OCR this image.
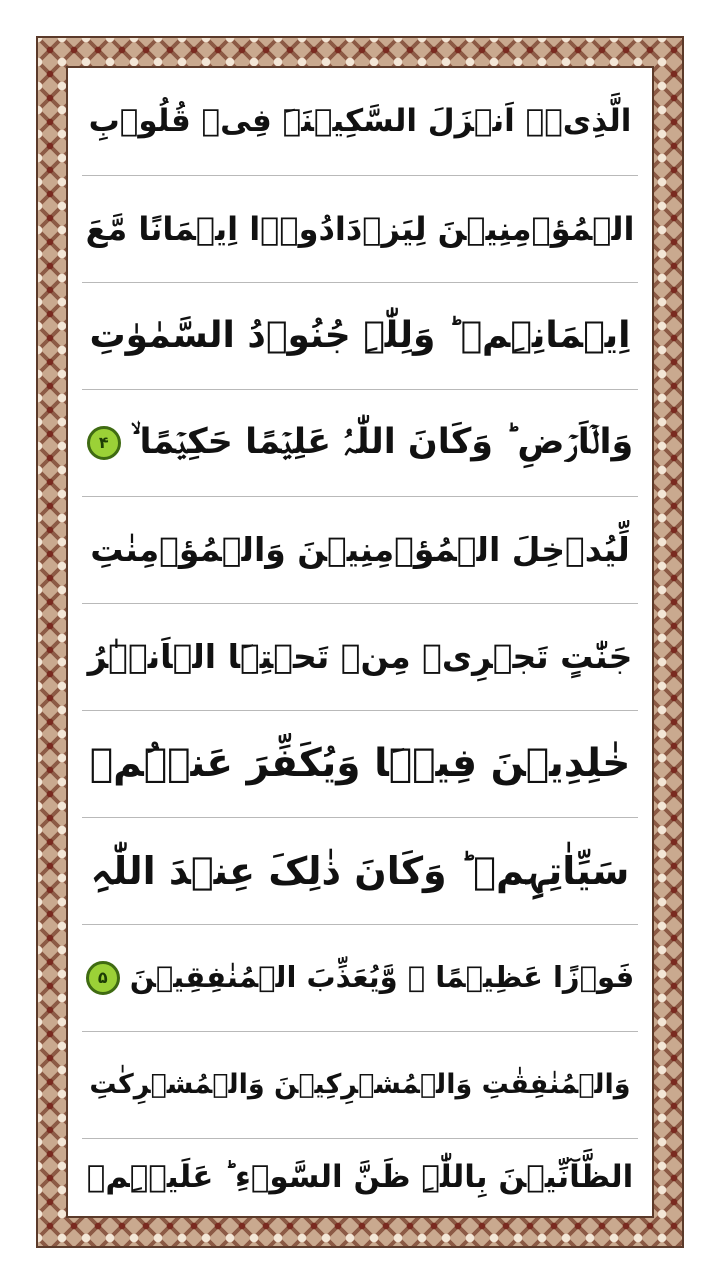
الَّذِیۡۤ اَنۡزَلَ السَّکِیۡنَۃَ فِیۡ قُلُوۡبِ
الۡمُؤۡمِنِیۡنَ لِیَزۡدَادُوۡۤا اِیۡمَانًا مَّعَ
اِیۡمَانِہِمۡ ؕ وَلِلّٰہِ جُنُوۡدُ السَّمٰوٰتِ
وَالۡاَرۡضِ ؕ وَکَانَ اللّٰہُ عَلِیۡمًا حَکِیۡمًا ۙ
۴
لِّیُدۡخِلَ الۡمُؤۡمِنِیۡنَ وَالۡمُؤۡمِنٰتِ
جَنّٰتٍ تَجۡرِیۡ مِنۡ تَحۡتِہَا الۡاَنۡہٰرُ
خٰلِدِیۡنَ فِیۡہَا وَیُکَفِّرَ عَنۡہُمۡ
سَیِّاٰتِہِمۡ ؕ وَکَانَ ذٰلِکَ عِنۡدَ اللّٰہِ
فَوۡزًا عَظِیۡمًا ۙ وَّیُعَذِّبَ الۡمُنٰفِقِیۡنَ
۵
وَالۡمُنٰفِقٰتِ وَالۡمُشۡرِکِیۡنَ وَالۡمُشۡرِکٰتِ
الظَّآنِّیۡنَ بِاللّٰہِ ظَنَّ السَّوۡءِ ؕ عَلَیۡہِمۡ
